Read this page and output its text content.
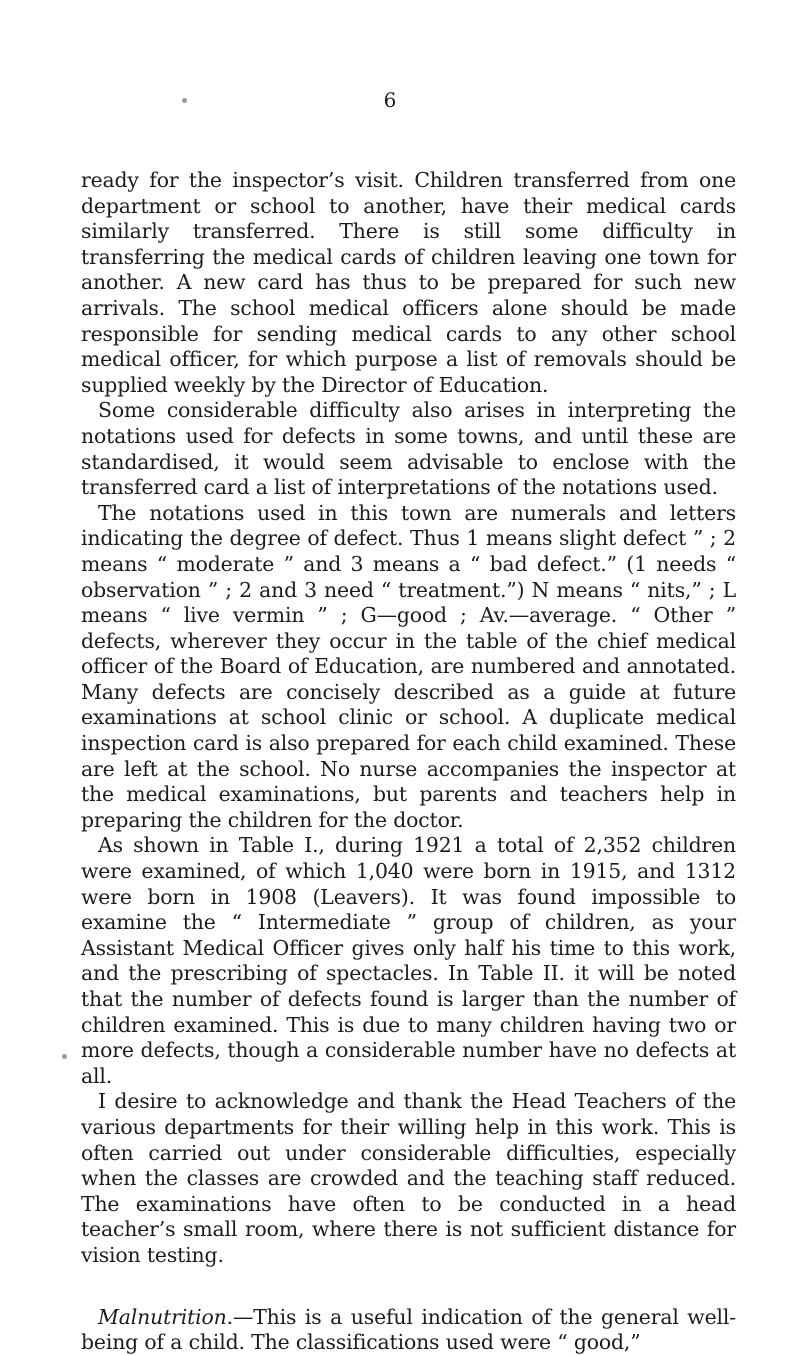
6

ready for the inspector’s visit. Children transferred from one department or school to another, have their medical cards similarly transferred. There is still some difficulty in transferring the medical cards of children leaving one town for another. A new card has thus to be prepared for such new arrivals. The school medical officers alone should be made responsible for sending medical cards to any other school medical officer, for which purpose a list of removals should be supplied weekly by the Director of Education.

Some considerable difficulty also arises in interpreting the notations used for defects in some towns, and until these are standardised, it would seem advisable to enclose with the transferred card a list of interpretations of the notations used.

The notations used in this town are numerals and letters indicating the degree of defect. Thus 1 means slight defect ” ; 2 means “ moderate ” and 3 means a “ bad defect.” (1 needs “ observation ” ; 2 and 3 need “ treatment.”) N means “ nits,” ; L means “ live vermin ” ; G—good ; Av.—average. “ Other ” defects, wherever they occur in the table of the chief medical officer of the Board of Education, are numbered and annotated. Many defects are concisely described as a guide at future examinations at school clinic or school. A duplicate medical inspection card is also prepared for each child examined. These are left at the school. No nurse accompanies the inspector at the medical examinations, but parents and teachers help in preparing the children for the doctor.

As shown in Table I., during 1921 a total of 2,352 children were examined, of which 1,040 were born in 1915, and 1312 were born in 1908 (Leavers). It was found impossible to examine the “ Intermediate ” group of children, as your Assistant Medical Officer gives only half his time to this work, and the prescribing of spectacles. In Table II. it will be noted that the number of defects found is larger than the number of children examined. This is due to many children having two or more defects, though a considerable number have no defects at all.

I desire to acknowledge and thank the Head Teachers of the various departments for their willing help in this work. This is often carried out under considerable difficulties, especially when the classes are crowded and the teaching staff reduced. The examinations have often to be conducted in a head teacher’s small room, where there is not sufficient distance for vision testing.

Malnutrition.—This is a useful indication of the general well-being of a child. The classifications used were “ good,”
